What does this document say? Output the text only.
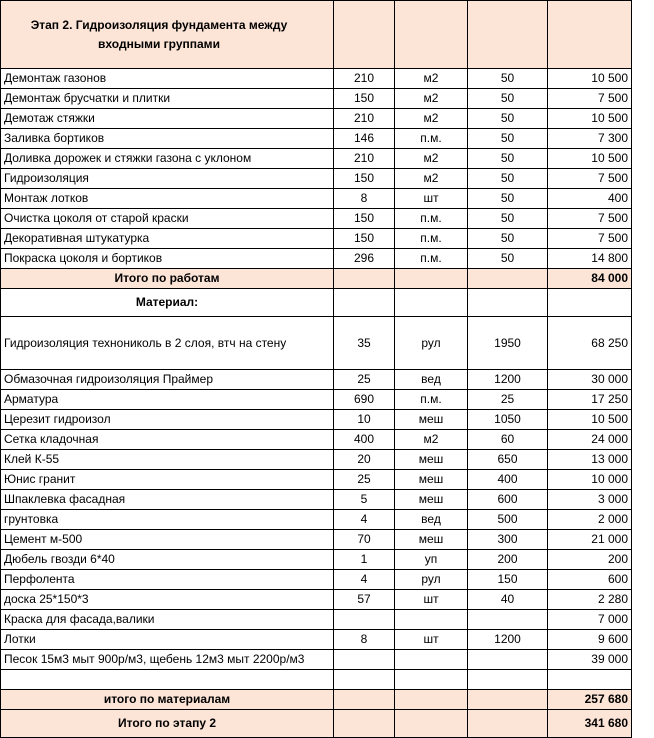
Этап 2. Гидроизоляция фундамента между входными группами				
Демонтаж газонов	210	м2	50	10 500
Демонтаж брусчатки и плитки	150	м2	50	7 500
Демотаж стяжки	210	м2	50	10 500
Заливка бортиков	146	п.м.	50	7 300
Доливка дорожек и стяжки газона с уклоном	210	м2	50	10 500
Гидроизоляция	150	м2	50	7 500
Монтаж лотков	8	шт	50	400
Очистка цоколя от старой краски	150	п.м.	50	7 500
Декоративная штукатурка	150	п.м.	50	7 500
Покраска цоколя и бортиков	296	п.м.	50	14 800
Итого по работам				84 000
Материал:				
Гидроизоляция технониколь в 2 слоя, втч на стену	35	рул	1950	68 250
Обмазочная гидроизоляция Праймер	25	вед	1200	30 000
Арматура	690	п.м.	25	17 250
Церезит гидроизол	10	меш	1050	10 500
Сетка кладочная	400	м2	60	24 000
Клей К-55	20	меш	650	13 000
Юнис гранит	25	меш	400	10 000
Шпаклевка фасадная	5	меш	600	3 000
грунтовка	4	вед	500	2 000
Цемент м-500	70	меш	300	21 000
Дюбель гвозди 6*40	1	уп	200	200
Перфолента	4	рул	150	600
доска 25*150*3	57	шт	40	2 280
Краска для фасада,валики				7 000
Лотки	8	шт	1200	9 600
Песок 15м3 мыт 900р/м3, щебень 12м3 мыт 2200р/м3				39 000

итого по материалам				257 680
Итого по этапу 2				341 680
